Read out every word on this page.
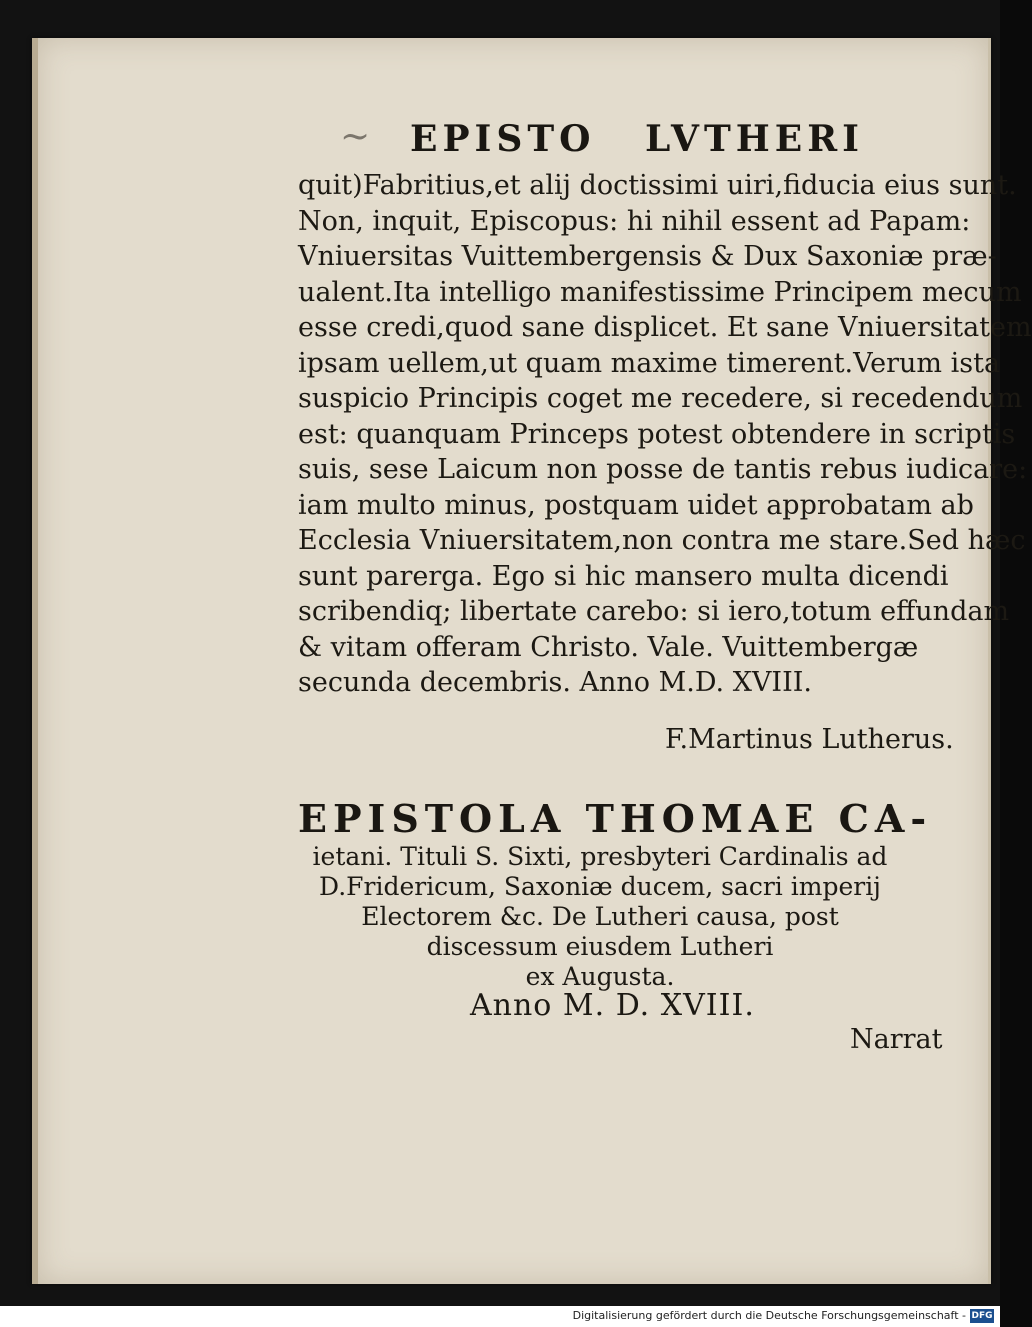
~ EPISTO LVTHERI
quit)Fabritius,et alij doctissimi uiri,fiducia eius sunt.
Non, inquit, Episcopus: hi nihil essent ad Papam:
Vniuersitas Vuittembergensis & Dux Saxoniæ præ-
ualent.Ita intelligo manifestissime Principem mecum
esse credi,quod sane displicet. Et sane Vniuersitatem
ipsam uellem,ut quam maxime timerent.Verum ista
suspicio Principis coget me recedere, si recedendum
est: quanquam Princeps potest obtendere in scriptis
suis, sese Laicum non posse de tantis rebus iudicare:
iam multo minus, postquam uidet approbatam ab
Ecclesia Vniuersitatem,non contra me stare.Sed hæc
sunt parerga. Ego si hic mansero multa dicendi
scribendiq; libertate carebo: si iero,totum effundam
& vitam offeram Christo. Vale. Vuittembergæ
secunda decembris. Anno M.D. XVIII.
F.Martinus Lutherus.
EPISTOLA THOMAE CA-
ietani. Tituli S. Sixti, presbyteri Cardinalis ad
D.Fridericum, Saxoniæ ducem, sacri imperij
Electorem &c. De Lutheri causa, post
discessum eiusdem Lutheri
ex Augusta.
Anno M. D. XVIII.
Narrat
Digitalisierung gefördert durch die Deutsche Forschungsgemeinschaft - DFG
